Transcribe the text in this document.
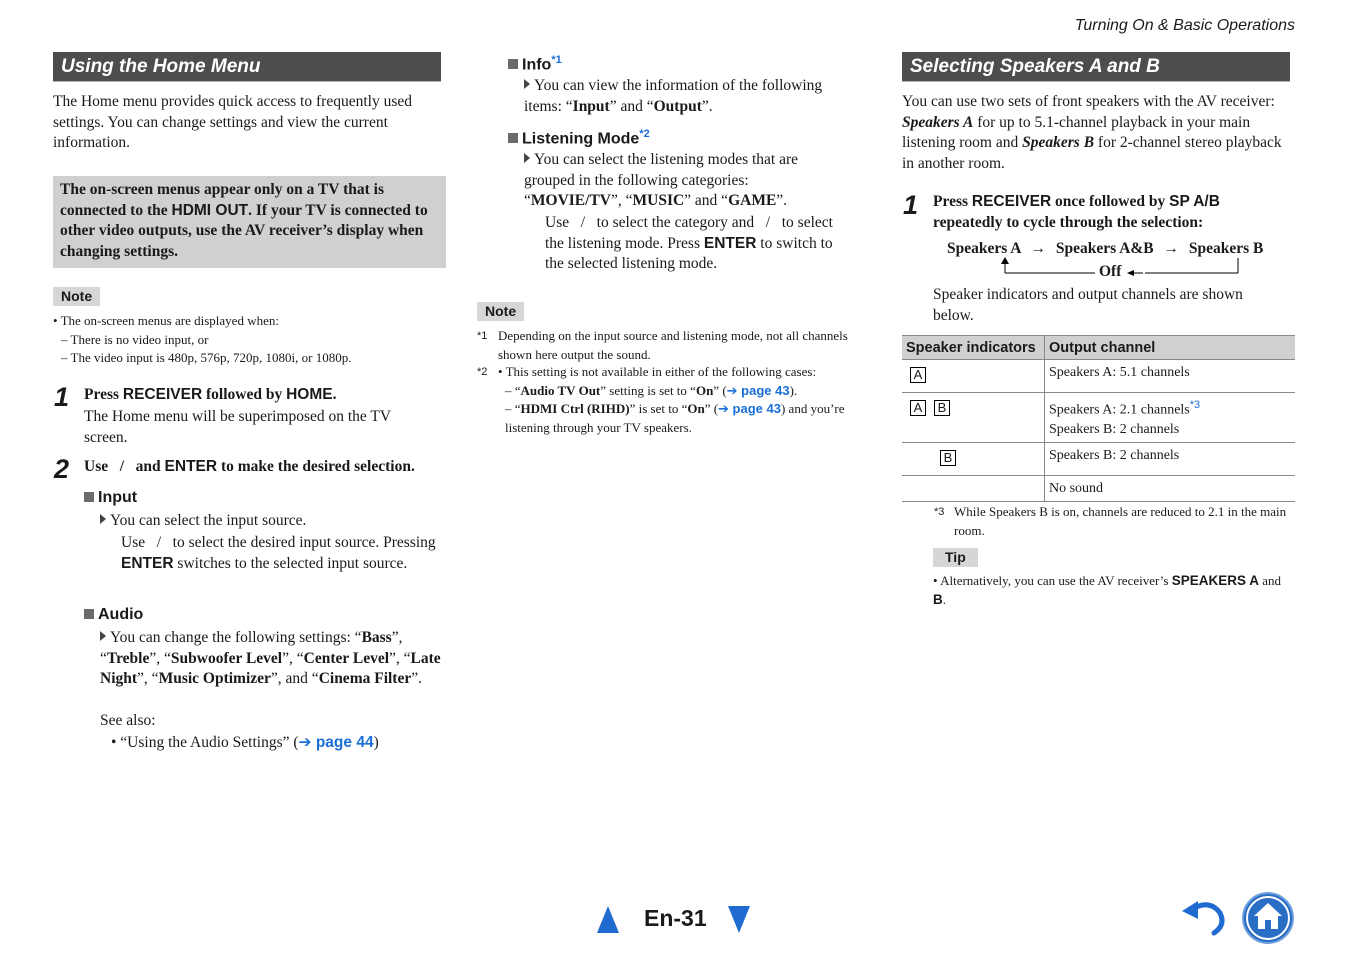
Turning On & Basic Operations
Using the Home Menu
The Home menu provides quick access to frequently used settings. You can change settings and view the current information.
The on-screen menus appear only on a TV that is connected to the HDMI OUT. If your TV is connected to other video outputs, use the AV receiver’s display when changing settings.
Note
• The on-screen menus are displayed when:
– There is no video input, or
– The video input is 480p, 576p, 720p, 1080i, or 1080p.
1 Press RECEIVER followed by HOME.
The Home menu will be superimposed on the TV screen.
2 Use   /   and ENTER to make the desired selection.
Input
You can select the input source.
Use   /   to select the desired input source. Pressing ENTER switches to the selected input source.
Audio
You can change the following settings: “Bass”, “Treble”, “Subwoofer Level”, “Center Level”, “Late Night”, “Music Optimizer”, and “Cinema Filter”.
See also:
• “Using the Audio Settings” (➔ page 44)
Info$^{*1}$
You can view the information of the following items: “Input” and “Output”.
Listening Mode$^{*2}$
You can select the listening modes that are grouped in the following categories: “MOVIE/TV”, “MUSIC” and “GAME”.
Use   /   to select the category and   /   to select the listening mode. Press ENTER to switch to the selected listening mode.
Note
*1 Depending on the input source and listening mode, not all channels shown here output the sound.
*2 • This setting is not available in either of the following cases:
– “Audio TV Out” setting is set to “On” (➔ page 43).
– “HDMI Ctrl (RIHD)” is set to “On” (➔ page 43) and you’re listening through your TV speakers.
Selecting Speakers A and B
You can use two sets of front speakers with the AV receiver: Speakers A for up to 5.1-channel playback in your main listening room and Speakers B for 2-channel stereo playback in another room.
1 Press RECEIVER once followed by SP A/B repeatedly to cycle through the selection:
Speakers A → Speakers A&B → Speakers B
Off
Speaker indicators and output channels are shown below.
Speaker indicators	Output channel
A	Speakers A: 5.1 channels
A B	Speakers A: 2.1 channels$^{*3}$
Speakers B: 2 channels

B	Speakers B: 2 channels
	No sound
*3 While Speakers B is on, channels are reduced to 2.1 in the main room.
Tip
• Alternatively, you can use the AV receiver’s SPEAKERS A and B.
En-31
